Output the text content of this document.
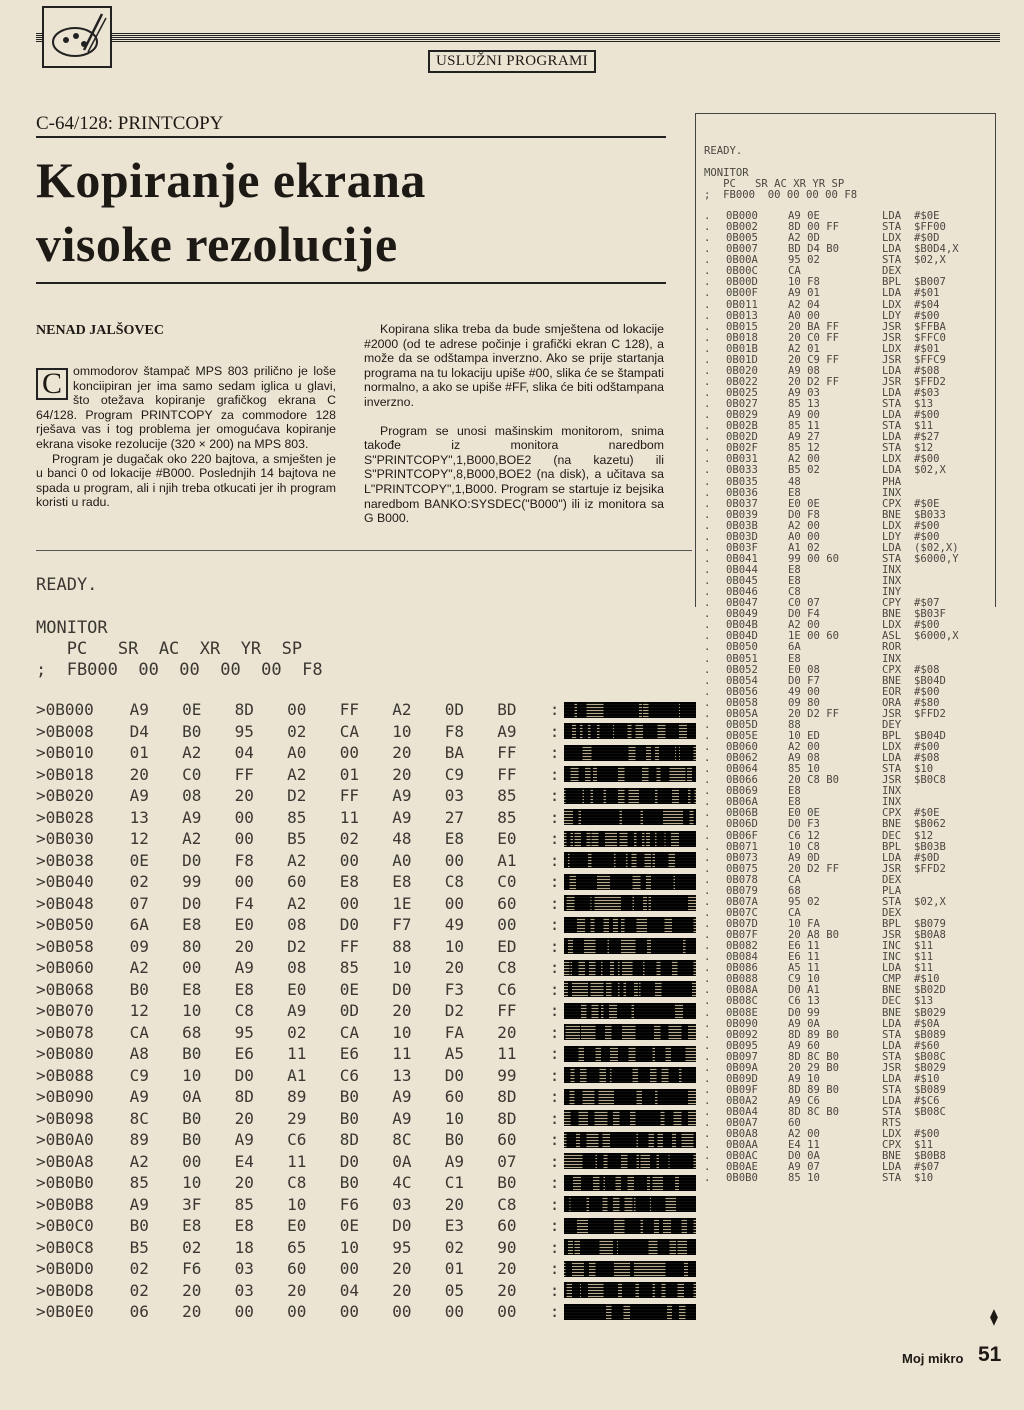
USLUŽNI PROGRAMI
C-64/128: PRINTCOPY
Kopiranje ekrana
visoke rezolucije
NENAD JALŠOVEC

C ommodorov štampač MPS 803 prilično je loše konciipiran jer ima samo sedam iglica u glavi, što otežava kopiranje grafičkog ekrana C 64/128. Program PRINTCOPY za commodore 128 rješava vas i tog problema jer omogućava kopiranje ekrana visoke rezolucije (320 × 200) na MPS 803.

Program je dugačak oko 220 bajtova, a smješten je u banci 0 od lokacije #B000. Poslednjih 14 bajtova ne spada u program, ali i njih treba otkucati jer ih program koristi u radu.

Kopirana slika treba da bude smještena od lokacije #2000 (od te adrese počinje i grafički ekran C 128), a može da se odštampa inverzno. Ako se prije startanja programa na tu lokaciju upiše #00, slika će se štampati normalno, a ako se upiše #FF, slika će biti odštampana inverzno.

Program se unosi mašinskim monitorom, snima takođe iz monitora naredbom S"PRINTCOPY",1,B000,BOE2 (na kazetu) ili S"PRINTCOPY",8,B000,BOE2 (na disk), a učitava sa L"PRINTCOPY",1,B000. Program se startuje iz bejsika naredbom BANKO:SYSDEC("B000") ili iz monitora sa G B000.

READY.
MONITOR
PC   SR  AC  XR  YR  SP
;  FB000  00  00  00  00  F8
>0B000	A9	0E	8D	00	FF	A2	0D	BD	:
>0B008	D4	B0	95	02	CA	10	F8	A9	:
>0B010	01	A2	04	A0	00	20	BA	FF	:
>0B018	20	C0	FF	A2	01	20	C9	FF	:
>0B020	A9	08	20	D2	FF	A9	03	85	:
>0B028	13	A9	00	85	11	A9	27	85	:
>0B030	12	A2	00	B5	02	48	E8	E0	:
>0B038	0E	D0	F8	A2	00	A0	00	A1	:
>0B040	02	99	00	60	E8	E8	C8	C0	:
>0B048	07	D0	F4	A2	00	1E	00	60	:
>0B050	6A	E8	E0	08	D0	F7	49	00	:
>0B058	09	80	20	D2	FF	88	10	ED	:
>0B060	A2	00	A9	08	85	10	20	C8	:
>0B068	B0	E8	E8	E0	0E	D0	F3	C6	:
>0B070	12	10	C8	A9	0D	20	D2	FF	:
>0B078	CA	68	95	02	CA	10	FA	20	:
>0B080	A8	B0	E6	11	E6	11	A5	11	:
>0B088	C9	10	D0	A1	C6	13	D0	99	:
>0B090	A9	0A	8D	89	B0	A9	60	8D	:
>0B098	8C	B0	20	29	B0	A9	10	8D	:
>0B0A0	89	B0	A9	C6	8D	8C	B0	60	:
>0B0A8	A2	00	E4	11	D0	0A	A9	07	:
>0B0B0	85	10	20	C8	B0	4C	C1	B0	:
>0B0B8	A9	3F	85	10	F6	03	20	C8	:
>0B0C0	B0	E8	E8	E0	0E	D0	E3	60	:
>0B0C8	B5	02	18	65	10	95	02	90	:
>0B0D0	02	F6	03	60	00	20	01	20	:
>0B0D8	02	20	03	20	04	20	05	20	:
>0B0E0	06	20	00	00	00	00	00	00	:
READY.
MONITOR
PC   SR AC XR YR SP
;  FB000  00 00 00 00 F8
.	0B000	A9 0E	LDA	#$0E
.	0B002	8D 00 FF	STA	$FF00
.	0B005	A2 0D	LDX	#$0D
.	0B007	BD D4 B0	LDA	$B0D4,X
.	0B00A	95 02	STA	$02,X
.	0B00C	CA	DEX
.	0B00D	10 F8	BPL	$B007
.	0B00F	A9 01	LDA	#$01
.	0B011	A2 04	LDX	#$04
.	0B013	A0 00	LDY	#$00
.	0B015	20 BA FF	JSR	$FFBA
.	0B018	20 C0 FF	JSR	$FFC0
.	0B01B	A2 01	LDX	#$01
.	0B01D	20 C9 FF	JSR	$FFC9
.	0B020	A9 08	LDA	#$08
.	0B022	20 D2 FF	JSR	$FFD2
.	0B025	A9 03	LDA	#$03
.	0B027	85 13	STA	$13
.	0B029	A9 00	LDA	#$00
.	0B02B	85 11	STA	$11
.	0B02D	A9 27	LDA	#$27
.	0B02F	85 12	STA	$12
.	0B031	A2 00	LDX	#$00
.	0B033	B5 02	LDA	$02,X
.	0B035	48	PHA
.	0B036	E8	INX
.	0B037	E0 0E	CPX	#$0E
.	0B039	D0 F8	BNE	$B033
.	0B03B	A2 00	LDX	#$00
.	0B03D	A0 00	LDY	#$00
.	0B03F	A1 02	LDA	($02,X)
.	0B041	99 00 60	STA	$6000,Y
.	0B044	E8	INX
.	0B045	E8	INX
.	0B046	C8	INY
.	0B047	C0 07	CPY	#$07
.	0B049	D0 F4	BNE	$B03F
.	0B04B	A2 00	LDX	#$00
.	0B04D	1E 00 60	ASL	$6000,X
.	0B050	6A	ROR
.	0B051	E8	INX
.	0B052	E0 08	CPX	#$08
.	0B054	D0 F7	BNE	$B04D
.	0B056	49 00	EOR	#$00
.	0B058	09 80	ORA	#$80
.	0B05A	20 D2 FF	JSR	$FFD2
.	0B05D	88	DEY
.	0B05E	10 ED	BPL	$B04D
.	0B060	A2 00	LDX	#$00
.	0B062	A9 08	LDA	#$08
.	0B064	85 10	STA	$10
.	0B066	20 C8 B0	JSR	$B0C8
.	0B069	E8	INX
.	0B06A	E8	INX
.	0B06B	E0 0E	CPX	#$0E
.	0B06D	D0 F3	BNE	$B062
.	0B06F	C6 12	DEC	$12
.	0B071	10 C8	BPL	$B03B
.	0B073	A9 0D	LDA	#$0D
.	0B075	20 D2 FF	JSR	$FFD2
.	0B078	CA	DEX
.	0B079	68	PLA
.	0B07A	95 02	STA	$02,X
.	0B07C	CA	DEX
.	0B07D	10 FA	BPL	$B079
.	0B07F	20 A8 B0	JSR	$B0A8
.	0B082	E6 11	INC	$11
.	0B084	E6 11	INC	$11
.	0B086	A5 11	LDA	$11
.	0B088	C9 10	CMP	#$10
.	0B08A	D0 A1	BNE	$B02D
.	0B08C	C6 13	DEC	$13
.	0B08E	D0 99	BNE	$B029
.	0B090	A9 0A	LDA	#$0A
.	0B092	8D 89 B0	STA	$B089
.	0B095	A9 60	LDA	#$60
.	0B097	8D 8C B0	STA	$B08C
.	0B09A	20 29 B0	JSR	$B029
.	0B09D	A9 10	LDA	#$10
.	0B09F	8D 89 B0	STA	$B089
.	0B0A2	A9 C6	LDA	#$C6
.	0B0A4	8D 8C B0	STA	$B08C
.	0B0A7	60	RTS
.	0B0A8	A2 00	LDX	#$00
.	0B0AA	E4 11	CPX	$11
.	0B0AC	D0 0A	BNE	$B0B8
.	0B0AE	A9 07	LDA	#$07
.	0B0B0	85 10	STA	$10
⧫
Moj mikro 51
